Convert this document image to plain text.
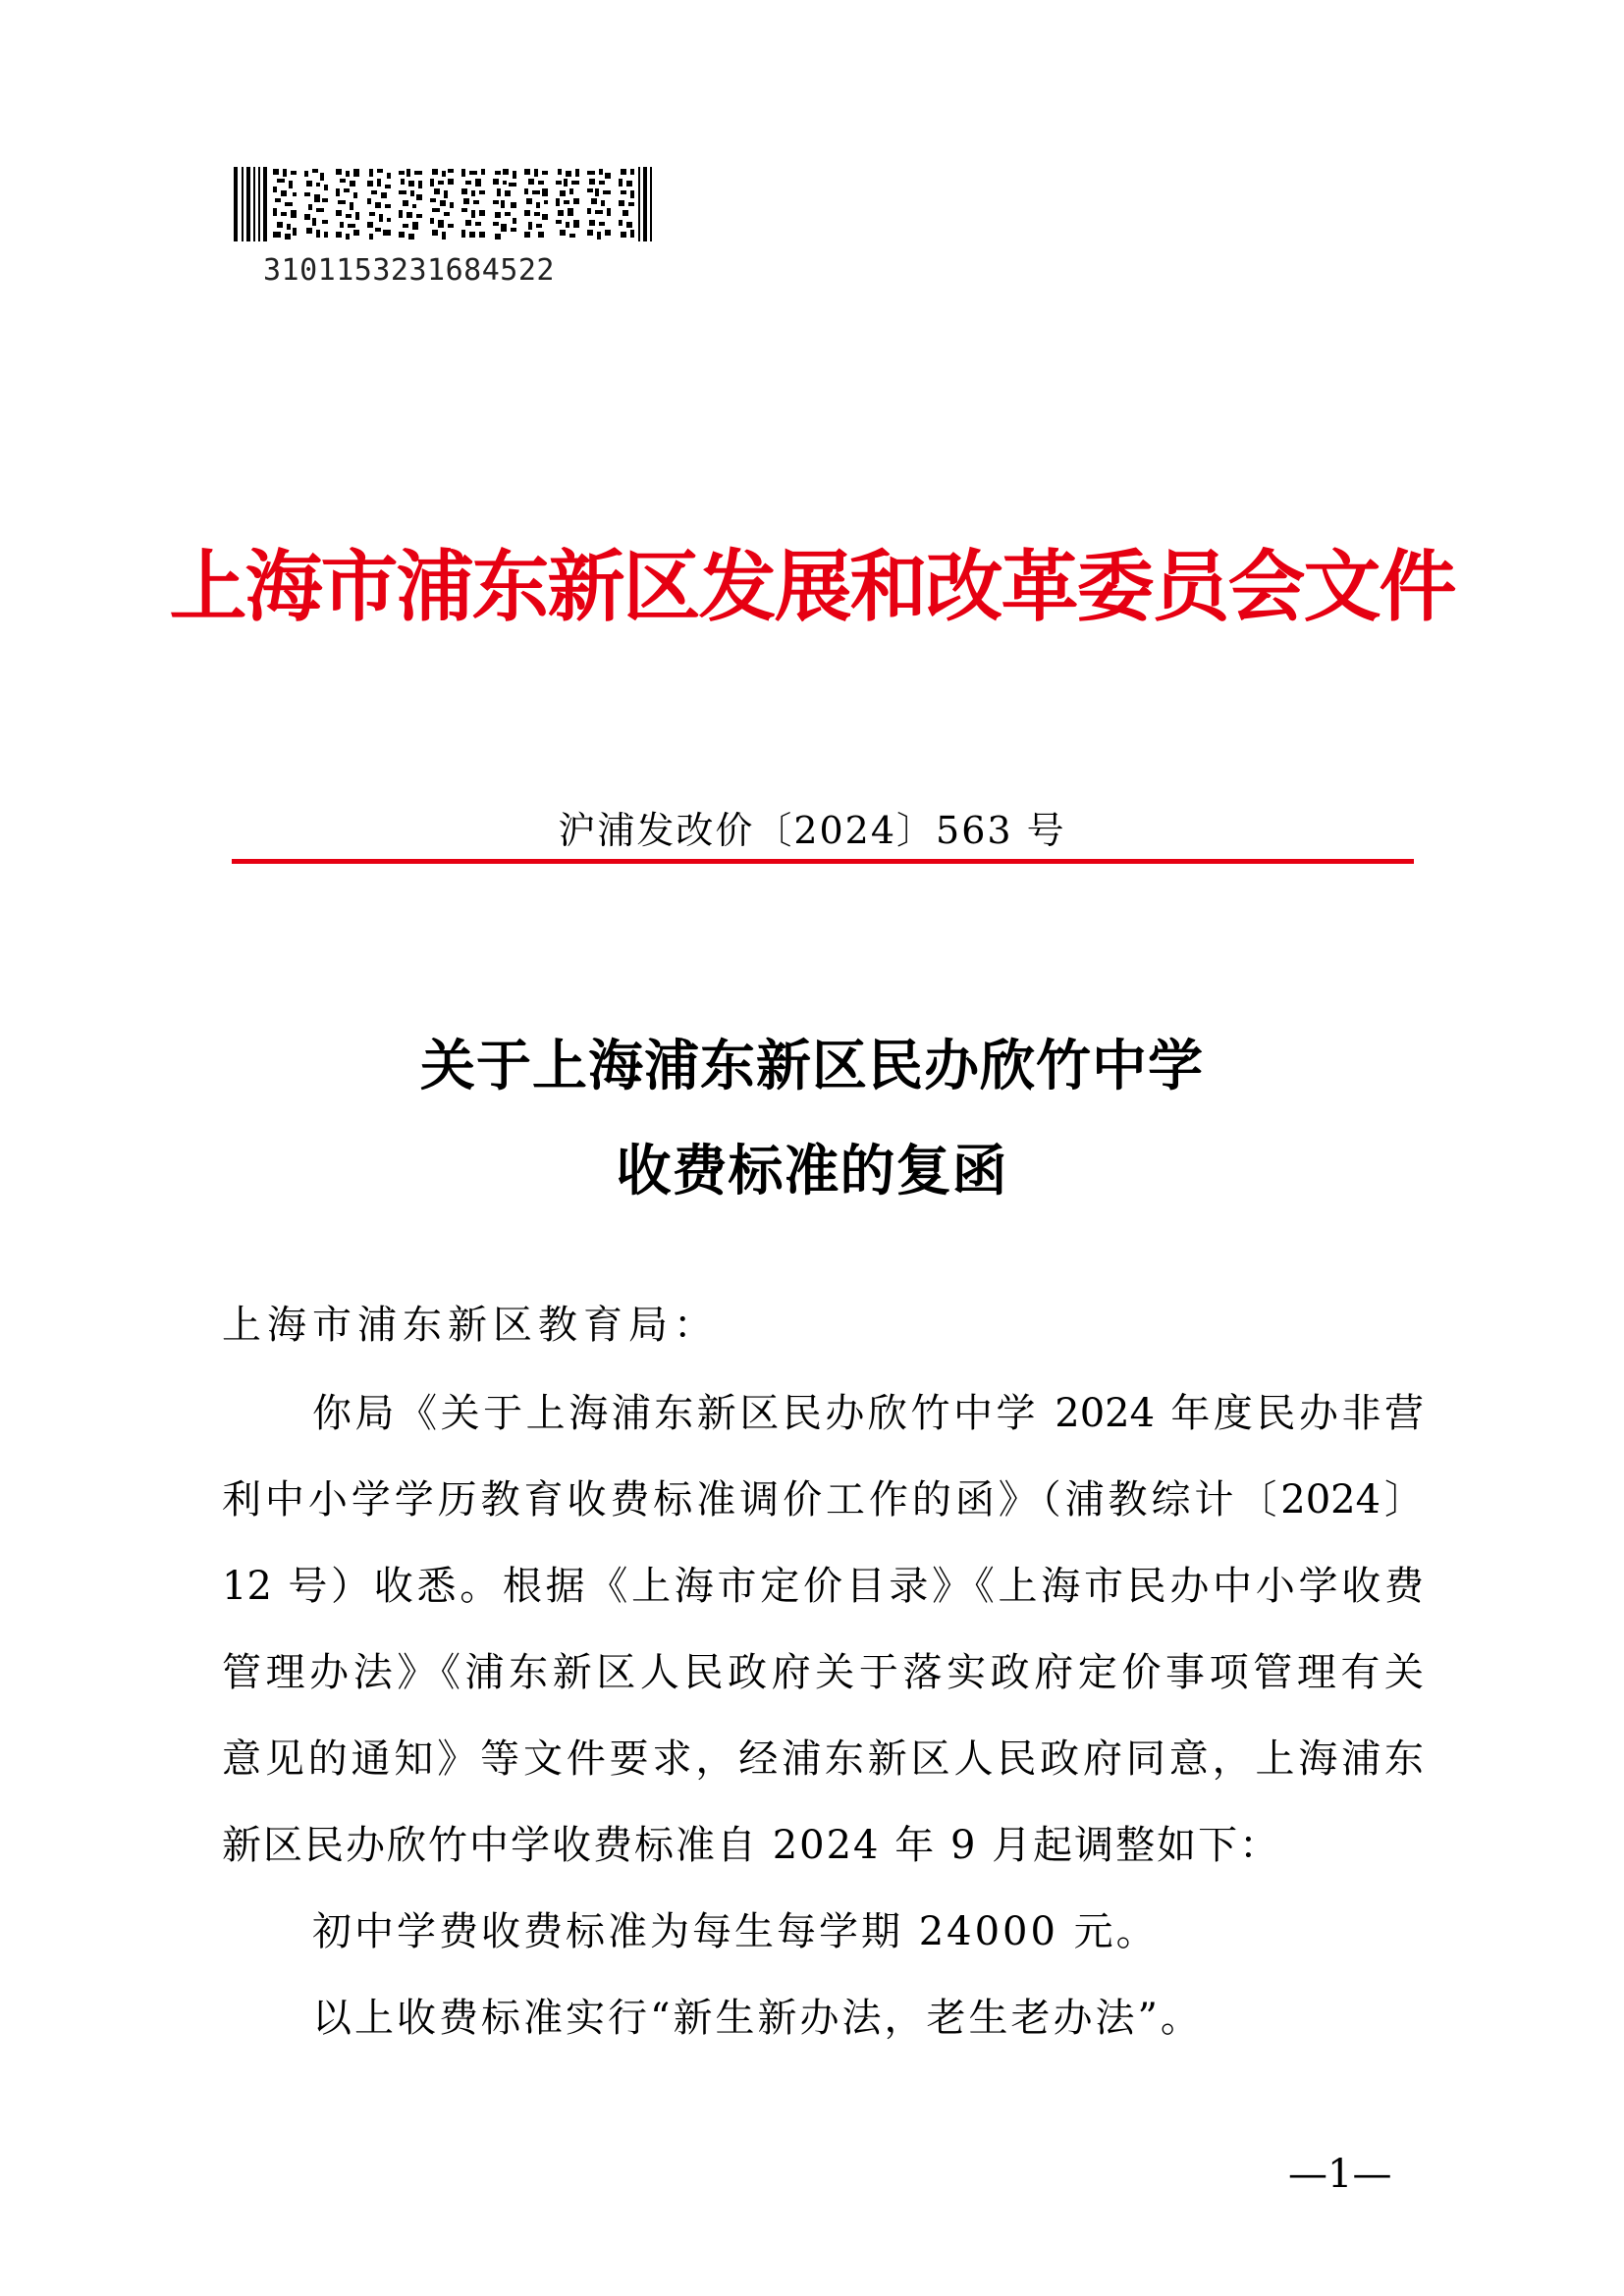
3101153231684522
上海市浦东新区发展和改革委员会文件
沪浦发改价〔2024〕563 号
关于上海浦东新区民办欣竹中学
收费标准的复函
上海市浦东新区教育局：
你局《关于上海浦东新区民办欣竹中学 2024 年度民办非营
利中小学学历教育收费标准调价工作的函》（浦教综计〔2024〕
12 号）收悉。根据《上海市定价目录》《上海市民办中小学收费
管理办法》《浦东新区人民政府关于落实政府定价事项管理有关
意见的通知》等文件要求，经浦东新区人民政府同意，上海浦东
新区民办欣竹中学收费标准自 2024 年 9 月起调整如下：
初中学费收费标准为每生每学期 24000 元。
以上收费标准实行“新生新办法，老生老办法”。
—1—
